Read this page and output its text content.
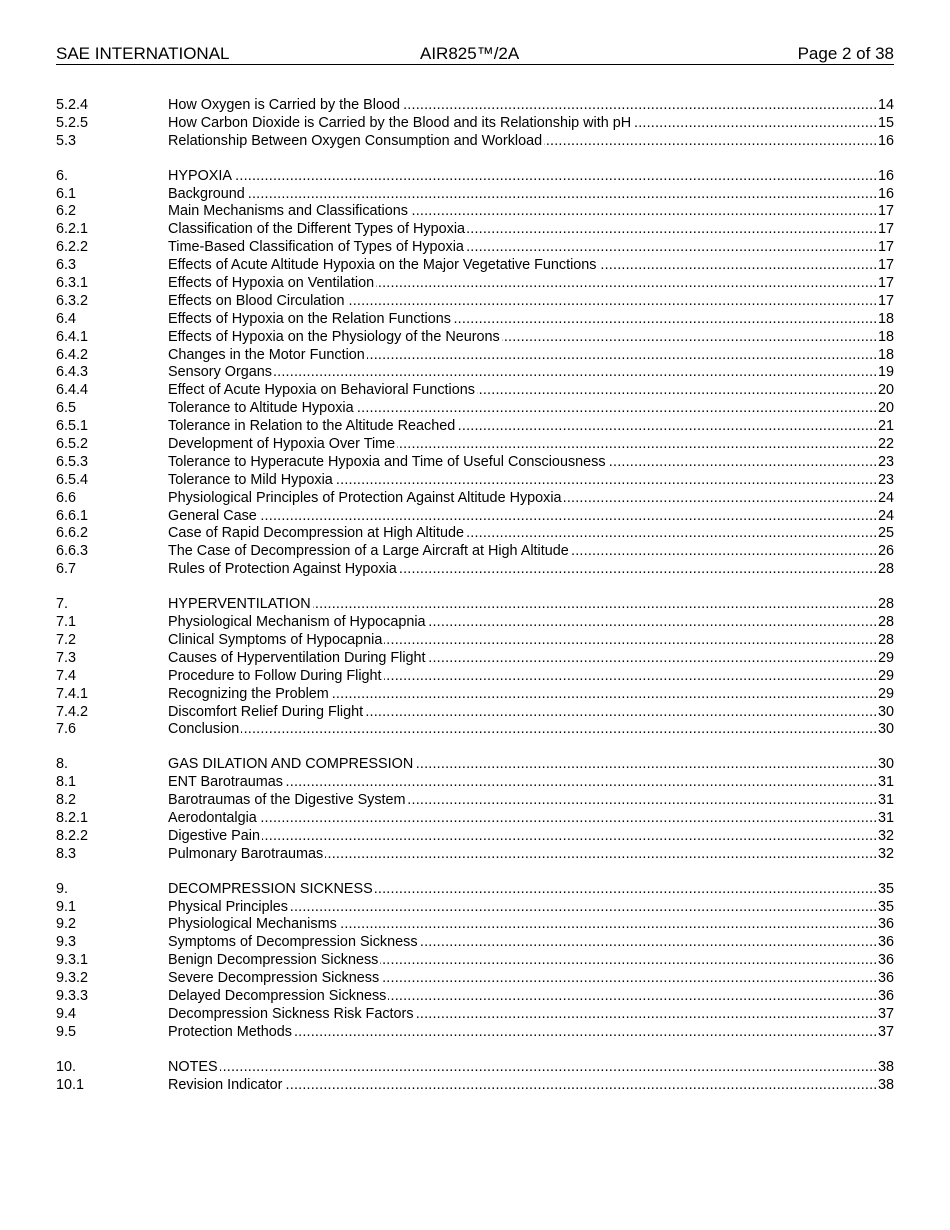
SAE INTERNATIONAL	AIR825™/2A	Page 2 of 38
5.2.4	How Oxygen is Carried by the Blood	14
.....
5.2.5	How Carbon Dioxide is Carried by the Blood and its Relationship with pH	15
.....
5.3	Relationship Between Oxygen Consumption and Workload	16
.....
6.	HYPOXIA	16
.....
6.1	Background	16
.....
6.2	Main Mechanisms and Classifications	17
.....
6.2.1	Classification of the Different Types of Hypoxia	17
.....
6.2.2	Time-Based Classification of Types of Hypoxia	17
.....
6.3	Effects of Acute Altitude Hypoxia on the Major Vegetative Functions	17
.....
6.3.1	Effects of Hypoxia on Ventilation	17
.....
6.3.2	Effects on Blood Circulation	17
.....
6.4	Effects of Hypoxia on the Relation Functions	18
.....
6.4.1	Effects of Hypoxia on the Physiology of the Neurons	18
.....
6.4.2	Changes in the Motor Function	18
.....
6.4.3	Sensory Organs	19
.....
6.4.4	Effect of Acute Hypoxia on Behavioral Functions	20
.....
6.5	Tolerance to Altitude Hypoxia	20
.....
6.5.1	Tolerance in Relation to the Altitude Reached	21
.....
6.5.2	Development of Hypoxia Over Time	22
.....
6.5.3	Tolerance to Hyperacute Hypoxia and Time of Useful Consciousness	23
.....
6.5.4	Tolerance to Mild Hypoxia	23
.....
6.6	Physiological Principles of Protection Against Altitude Hypoxia	24
.....
6.6.1	General Case	24
.....
6.6.2	Case of Rapid Decompression at High Altitude	25
.....
6.6.3	The Case of Decompression of a Large Aircraft at High Altitude	26
.....
6.7	Rules of Protection Against Hypoxia	28
.....
7.	HYPERVENTILATION	28
.....
7.1	Physiological Mechanism of Hypocapnia	28
.....
7.2	Clinical Symptoms of Hypocapnia	28
.....
7.3	Causes of Hyperventilation During Flight	29
.....
7.4	Procedure to Follow During Flight	29
.....
7.4.1	Recognizing the Problem	29
.....
7.4.2	Discomfort Relief During Flight	30
.....
7.6	Conclusion	30
.....
8.	GAS DILATION AND COMPRESSION	30
.....
8.1	ENT Barotraumas	31
.....
8.2	Barotraumas of the Digestive System	31
.....
8.2.1	Aerodontalgia	31
.....
8.2.2	Digestive Pain	32
.....
8.3	Pulmonary Barotraumas	32
.....
9.	DECOMPRESSION SICKNESS	35
.....
9.1	Physical Principles	35
.....
9.2	Physiological Mechanisms	36
.....
9.3	Symptoms of Decompression Sickness	36
.....
9.3.1	Benign Decompression Sickness	36
.....
9.3.2	Severe Decompression Sickness	36
.....
9.3.3	Delayed Decompression Sickness	36
.....
9.4	Decompression Sickness Risk Factors	37
.....
9.5	Protection Methods	37
.....
10.	NOTES	38
.....
10.1	Revision Indicator	38
.....
